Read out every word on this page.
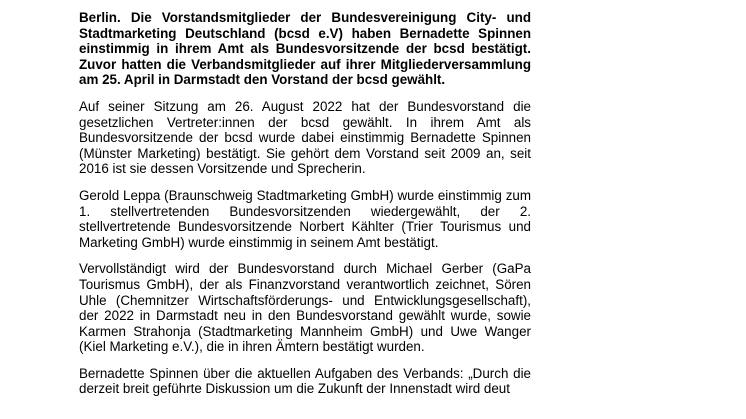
Berlin. Die Vorstandsmitglieder der Bundesvereinigung City- und Stadtmarketing Deutschland (bcsd e.V) haben Bernadette Spinnen einstimmig in ihrem Amt als Bundesvorsitzende der bcsd bestätigt. Zuvor hatten die Verbandsmitglieder auf ihrer Mitgliederversammlung am 25. April in Darmstadt den Vorstand der bcsd gewählt.

Auf seiner Sitzung am 26. August 2022 hat der Bundesvorstand die gesetzlichen Vertreter:innen der bcsd gewählt. In ihrem Amt als Bundesvorsitzende der bcsd wurde dabei einstimmig Bernadette Spinnen (Münster Marketing) bestätigt. Sie gehört dem Vorstand seit 2009 an, seit 2016 ist sie dessen Vorsitzende und Sprecherin.

Gerold Leppa (Braunschweig Stadtmarketing GmbH) wurde einstimmig zum 1. stellvertretenden Bundesvorsitzenden wiedergewählt, der 2. stellvertretende Bundesvorsitzende Norbert Kählter (Trier Tourismus und Marketing GmbH) wurde einstimmig in seinem Amt bestätigt.

Vervollständigt wird der Bundesvorstand durch Michael Gerber (GaPa Tourismus GmbH), der als Finanzvorstand verantwortlich zeichnet, Sören Uhle (Chemnitzer Wirtschaftsförderungs- und Entwicklungsgesellschaft), der 2022 in Darmstadt neu in den Bundesvorstand gewählt wurde, sowie Karmen Strahonja (Stadtmarketing Mannheim GmbH) und Uwe Wanger (Kiel Marketing e.V.), die in ihren Ämtern bestätigt wurden.

Bernadette Spinnen über die aktuellen Aufgaben des Verbands: „Durch die derzeit breit geführte Diskussion um die Zukunft der Innenstadt wird deut
